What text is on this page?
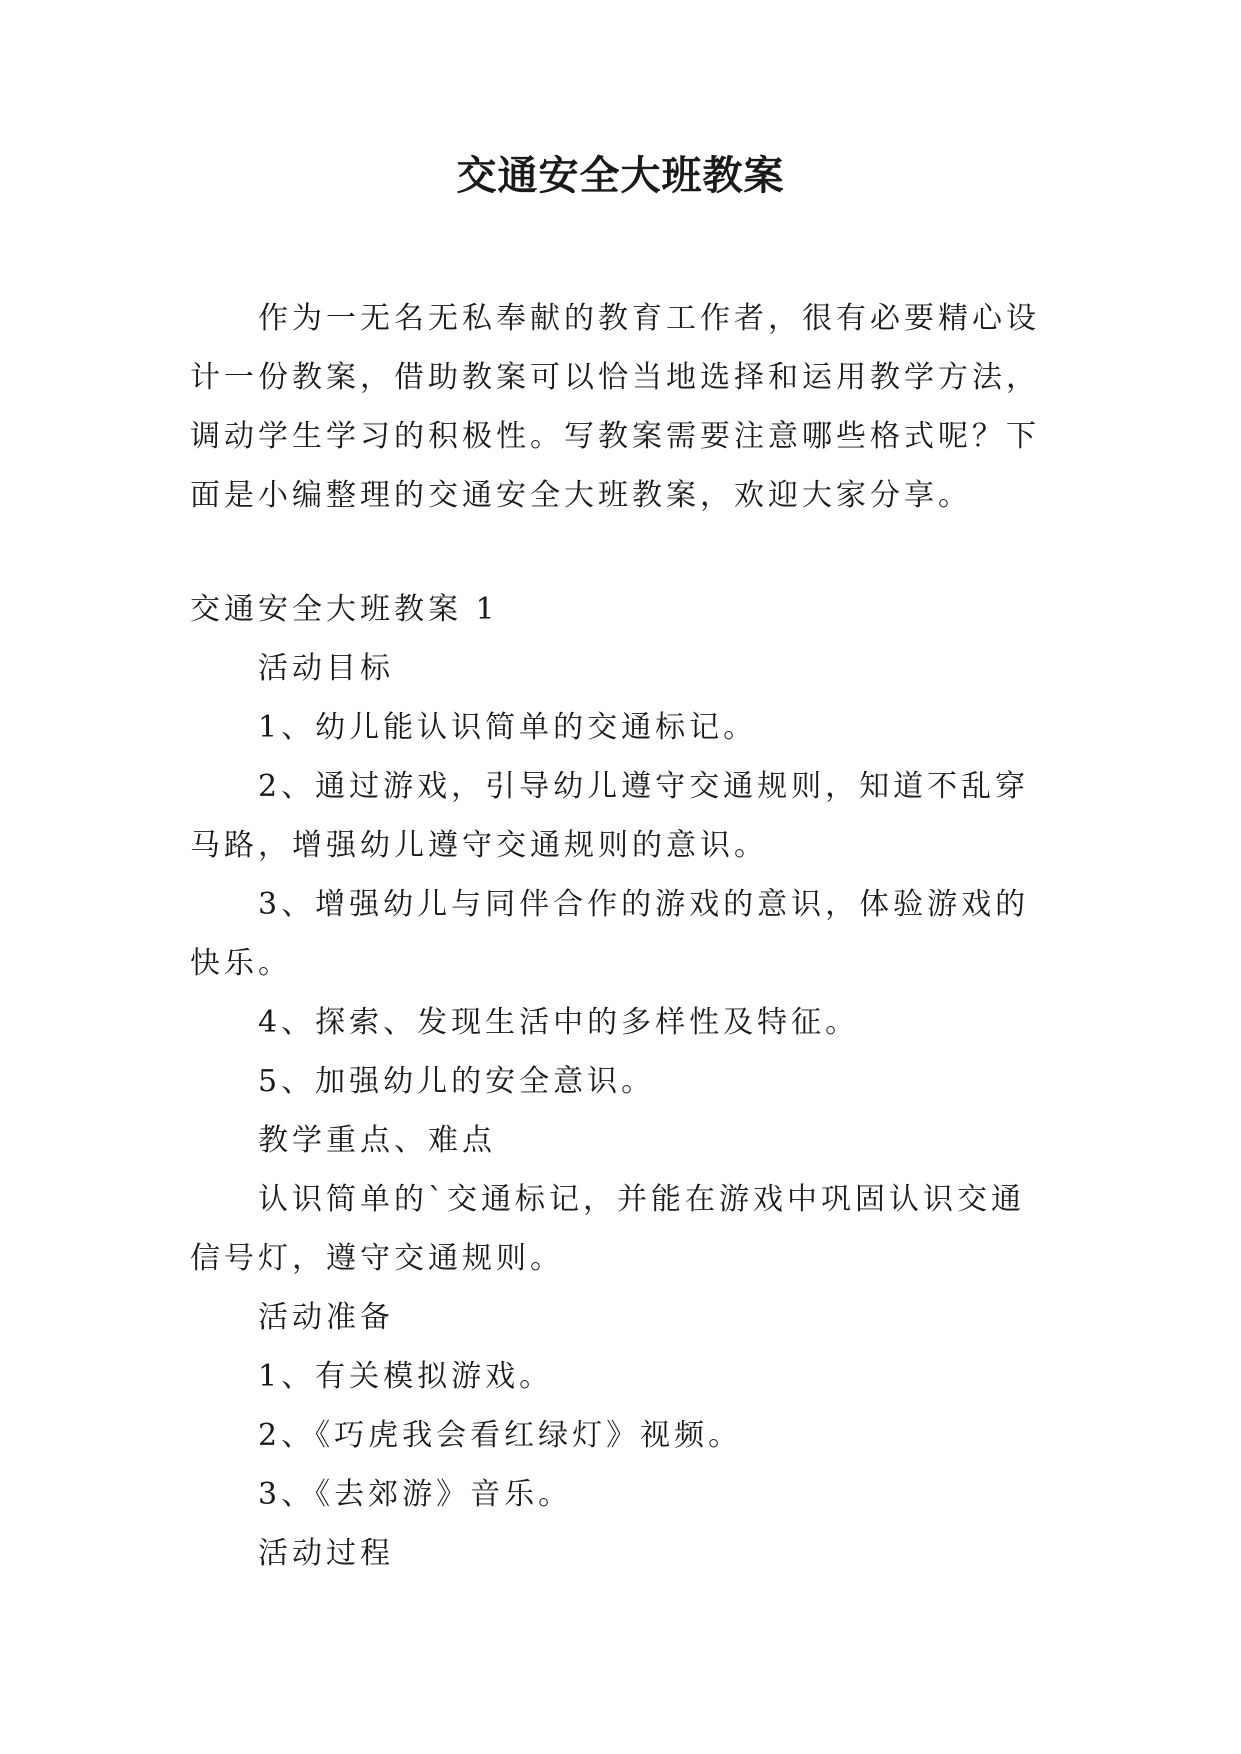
交通安全大班教案

作为一无名无私奉献的教育工作者，很有必要精心设计一份教案，借助教案可以恰当地选择和运用教学方法，调动学生学习的积极性。写教案需要注意哪些格式呢？下面是小编整理的交通安全大班教案，欢迎大家分享。

交通安全大班教案 1

活动目标

1、幼儿能认识简单的交通标记。

2、通过游戏，引导幼儿遵守交通规则，知道不乱穿马路，增强幼儿遵守交通规则的意识。

3、增强幼儿与同伴合作的游戏的意识，体验游戏的快乐。

4、探索、发现生活中的多样性及特征。

5、加强幼儿的安全意识。

教学重点、难点

认识简单的`交通标记，并能在游戏中巩固认识交通信号灯，遵守交通规则。

活动准备

1、有关模拟游戏。

2、《巧虎我会看红绿灯》视频。

3、《去郊游》音乐。

活动过程
